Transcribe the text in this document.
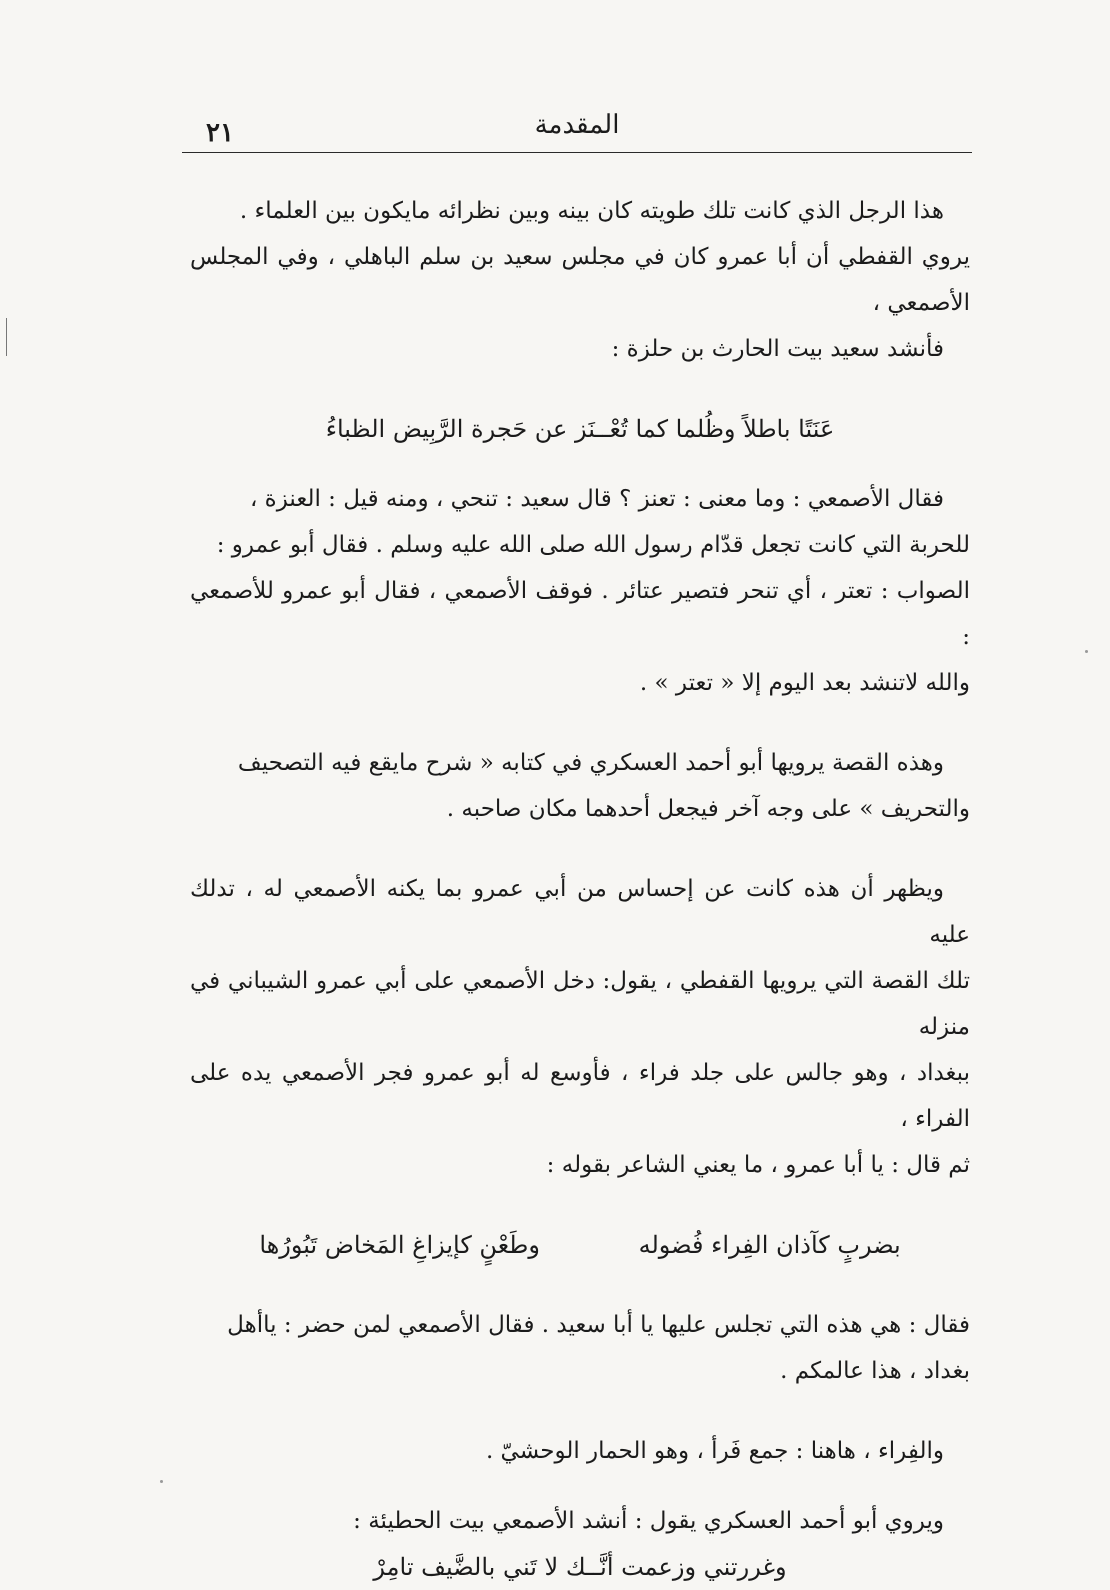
٢١	المقدمة

هذا الرجل الذي كانت تلك طويته كان بينه وبين نظرائه مايكون بين العلماء .

يروي القفطي أن أبا عمرو كان في مجلس سعيد بن سلم الباهلي ، وفي المجلس الأصمعي ،

فأنشد سعيد بيت الحارث بن حلزة :

عَنَتًا باطلاً وظُلما كما تُعْــنَز عن حَجرة الرَّبِيض الظباءُ

فقال الأصمعي : وما معنى : تعنز ؟ قال سعيد : تنحي ، ومنه قيل : العنزة ،

للحربة التي كانت تجعل قدّام رسول الله صلى الله عليه وسلم . فقال أبو عمرو :

الصواب : تعتر ، أي تنحر فتصير عتائر . فوقف الأصمعي ، فقال أبو عمرو للأصمعي :

والله لاتنشد بعد اليوم إلا « تعتر » .

وهذه القصة يرويها أبو أحمد العسكري في كتابه « شرح مايقع فيه التصحيف

والتحريف » على وجه آخر فيجعل أحدهما مكان صاحبه .

ويظهر أن هذه كانت عن إحساس من أبي عمرو بما يكنه الأصمعي له ، تدلك عليه

تلك القصة التي يرويها القفطي ، يقول: دخل الأصمعي على أبي عمرو الشيباني في منزله

ببغداد ، وهو جالس على جلد فراء ، فأوسع له أبو عمرو فجر الأصمعي يده على الفراء ،

ثم قال : يا أبا عمرو ، ما يعني الشاعر بقوله :

بضربٍ كآذان الفِراء فُضوله
وطَعْنٍ كإيزاغِ المَخاض تَبُورُها

فقال : هي هذه التي تجلس عليها يا أبا سعيد . فقال الأصمعي لمن حضر : ياأهل

بغداد ، هذا عالمكم .

والفِراء ، هاهنا : جمع فَرأ ، وهو الحمار الوحشيّ .

ويروي أبو أحمد العسكري يقول : أنشد الأصمعي بيت الحطيئة :

وغررتني وزعمت أنَّــك لا تَني بالضَّيف تامِرْ
